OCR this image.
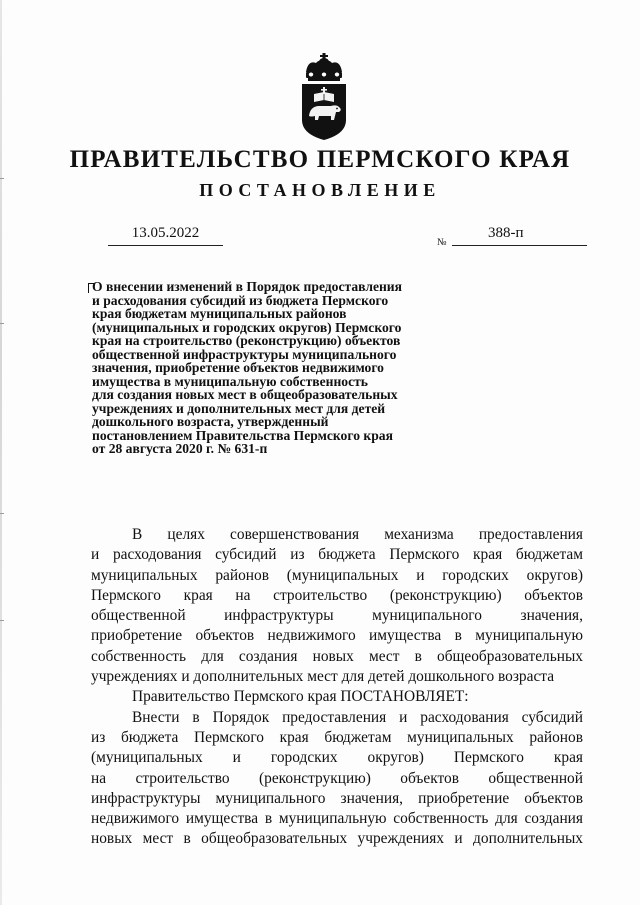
ПРАВИТЕЛЬСТВО ПЕРМСКОГО КРАЯ
ПОСТАНОВЛЕНИЕ
13.05.2022
№
388-п
О внесении изменений в Порядок предоставления
и расходования субсидий из бюджета Пермского
края бюджетам муниципальных районов
(муниципальных и городских округов) Пермского
края на строительство (реконструкцию) объектов
общественной инфраструктуры муниципального
значения, приобретение объектов недвижимого
имущества в муниципальную собственность
для создания новых мест в общеобразовательных
учреждениях и дополнительных мест для детей
дошкольного возраста, утвержденный
постановлением Правительства Пермского края
от 28 августа 2020 г. № 631-п
В целях совершенствования механизма предоставления
и расходования субсидий из бюджета Пермского края бюджетам
муниципальных районов (муниципальных и городских округов)
Пермского края на строительство (реконструкцию) объектов
общественной инфраструктуры муниципального значения,
приобретение объектов недвижимого имущества в муниципальную
собственность для создания новых мест в общеобразовательных
учреждениях и дополнительных мест для детей дошкольного возраста
Правительство Пермского края ПОСТАНОВЛЯЕТ:
Внести в Порядок предоставления и расходования субсидий
из бюджета Пермского края бюджетам муниципальных районов
(муниципальных и городских округов) Пермского края
на строительство (реконструкцию) объектов общественной
инфраструктуры муниципального значения, приобретение объектов
недвижимого имущества в муниципальную собственность для создания
новых мест в общеобразовательных учреждениях и дополнительных
